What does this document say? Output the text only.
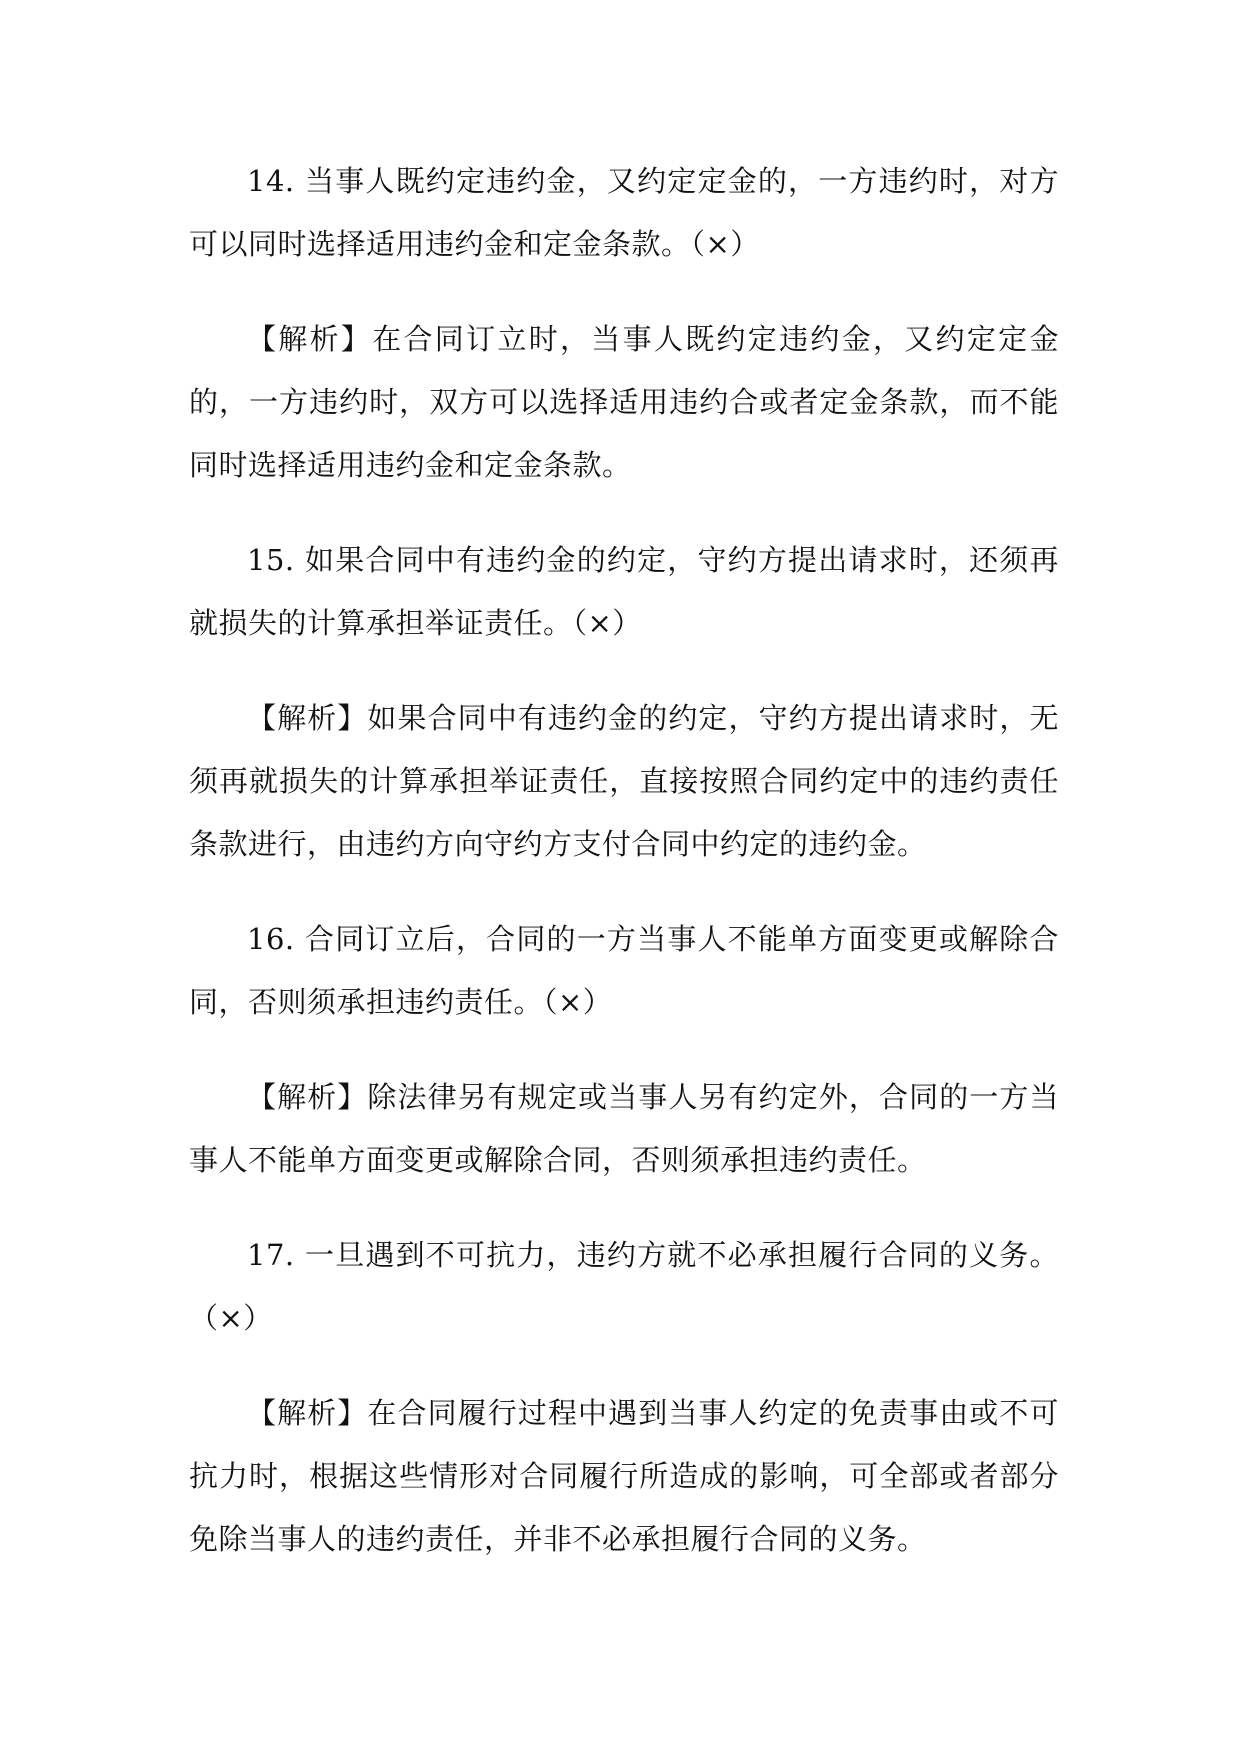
14. 当事人既约定违约金，又约定定金的，一方违约时，对方可以同时选择适用违约金和定金条款。（×）

【解析】在合同订立时，当事人既约定违约金，又约定定金的，一方违约时，双方可以选择适用违约合或者定金条款，而不能同时选择适用违约金和定金条款。

15. 如果合同中有违约金的约定，守约方提出请求时，还须再就损失的计算承担举证责任。（×）

【解析】如果合同中有违约金的约定，守约方提出请求时，无须再就损失的计算承担举证责任，直接按照合同约定中的违约责任条款进行，由违约方向守约方支付合同中约定的违约金。

16. 合同订立后，合同的一方当事人不能单方面变更或解除合同，否则须承担违约责任。（×）

【解析】除法律另有规定或当事人另有约定外，合同的一方当事人不能单方面变更或解除合同，否则须承担违约责任。

17. 一旦遇到不可抗力，违约方就不必承担履行合同的义务。（×）

【解析】在合同履行过程中遇到当事人约定的免责事由或不可抗力时，根据这些情形对合同履行所造成的影响，可全部或者部分免除当事人的违约责任，并非不必承担履行合同的义务。
